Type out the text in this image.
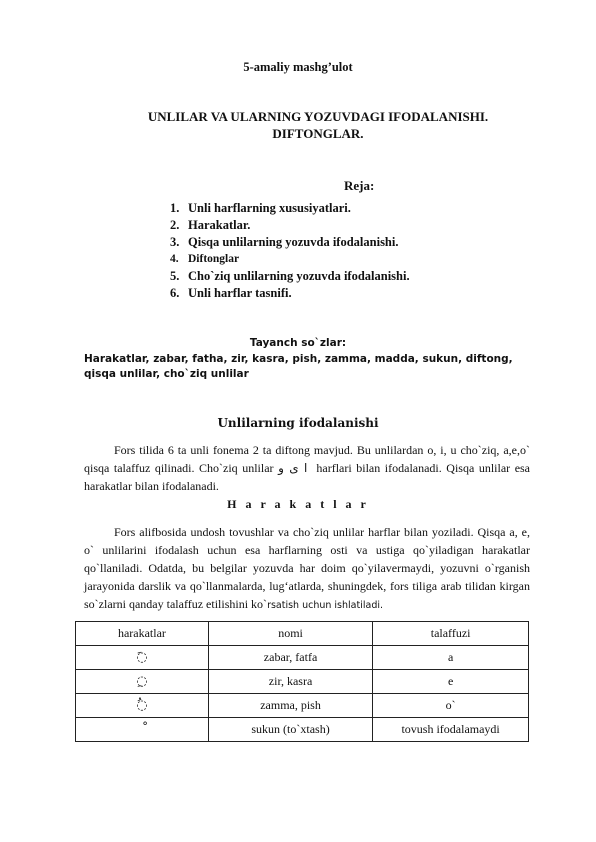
5-amaliy mashg’ulot
UNLILAR VA ULARNING YOZUVDAGI IFODALANISHI.
DIFTONGLAR.
Reja:
1. Unli harflarning xususiyatlari.
2. Harakatlar.
3. Qisqa unlilarning yozuvda ifodalanishi.
4. Diftonglar
5. Cho`ziq unlilarning yozuvda ifodalanishi.
6. Unli harflar tasnifi.
Tayanch so`zlar:
Harakatlar, zabar, fatha, zir, kasra, pish, zamma, madda, sukun, diftong, qisqa unlilar, cho`ziq unlilar
Unlilarning ifodalanishi
Fors tilida 6 ta unli fonema 2 ta diftong mavjud. Bu unlilardan o, i, u cho`ziq, a,e,o` qisqa talaffuz qilinadi. Cho`ziq unlilar ا ی و harflari bilan ifodalanadi. Qisqa unlilar esa harakatlar bilan ifodalanadi.
H a r a k a t l a r
Fors alifbosida undosh tovushlar va cho`ziq unlilar harflar bilan yoziladi. Qisqa a, e, o` unlilarini ifodalash uchun esa harflarning osti va ustiga qo`yiladigan harakatlar qo`llaniladi. Odatda, bu belgilar yozuvda har doim qo`yilavermaydi, yozuvni o`rganish jarayonida darslik va qo`llanmalarda, lug‘atlarda, shuningdek, fors tiliga arab tilidan kirgan so`zlarni qanday talaffuz etilishini ko`rsatish uchun ishlatiladi.
harakatlar	nomi	talaffuzi
◌َ	zabar, fatfa	a
◌ِ	zir, kasra	e
◌ُ	zamma, pish	o`
	sukun (to`xtash)	tovush ifodalamaydi
